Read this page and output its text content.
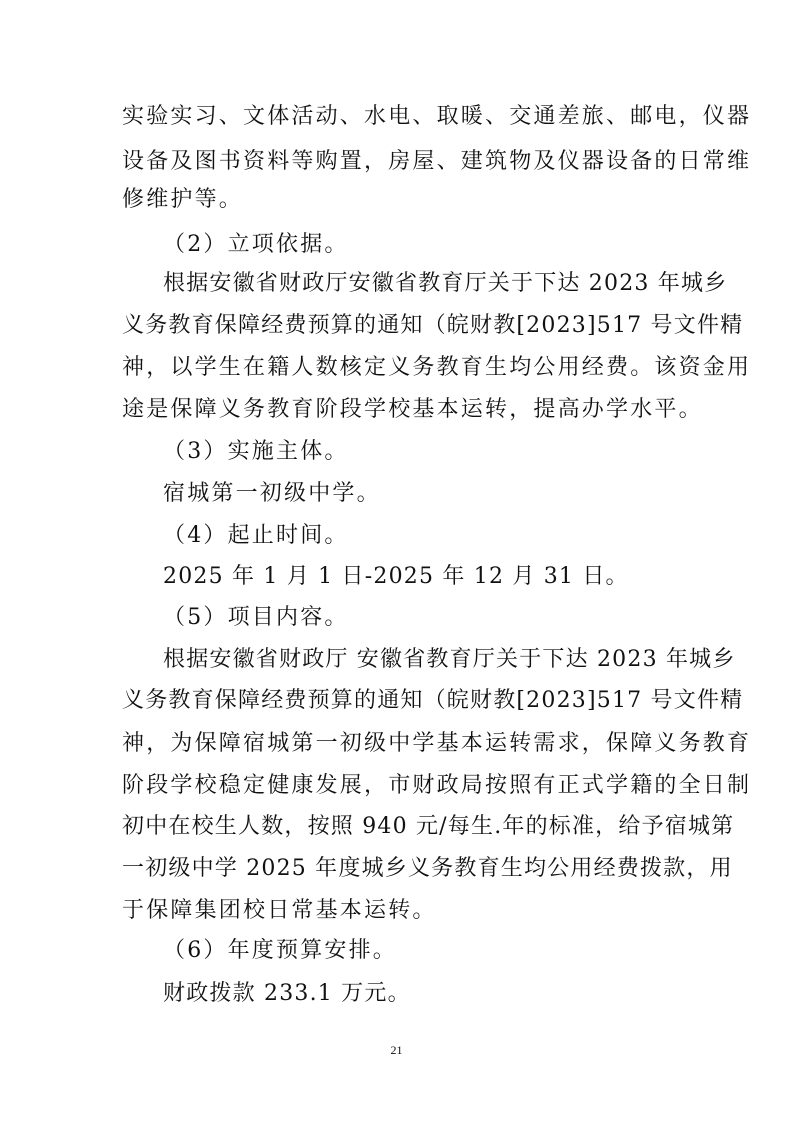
实验实习、文体活动、水电、取暖、交通差旅、邮电，仪器
设备及图书资料等购置，房屋、建筑物及仪器设备的日常维
修维护等。
（2）立项依据。
根据安徽省财政厅安徽省教育厅关于下达 2023 年城乡
义务教育保障经费预算的通知（皖财教[2023]517 号文件精
神，以学生在籍人数核定义务教育生均公用经费。该资金用
途是保障义务教育阶段学校基本运转，提高办学水平。
（3）实施主体。
宿城第一初级中学。
（4）起止时间。
2025 年 1 月 1 日-2025 年 12 月 31 日。
（5）项目内容。
根据安徽省财政厅 安徽省教育厅关于下达 2023 年城乡
义务教育保障经费预算的通知（皖财教[2023]517 号文件精
神，为保障宿城第一初级中学基本运转需求，保障义务教育
阶段学校稳定健康发展，市财政局按照有正式学籍的全日制
初中在校生人数，按照 940 元/每生.年的标准，给予宿城第
一初级中学 2025 年度城乡义务教育生均公用经费拨款，用
于保障集团校日常基本运转。
（6）年度预算安排。
财政拨款 233.1 万元。
21
